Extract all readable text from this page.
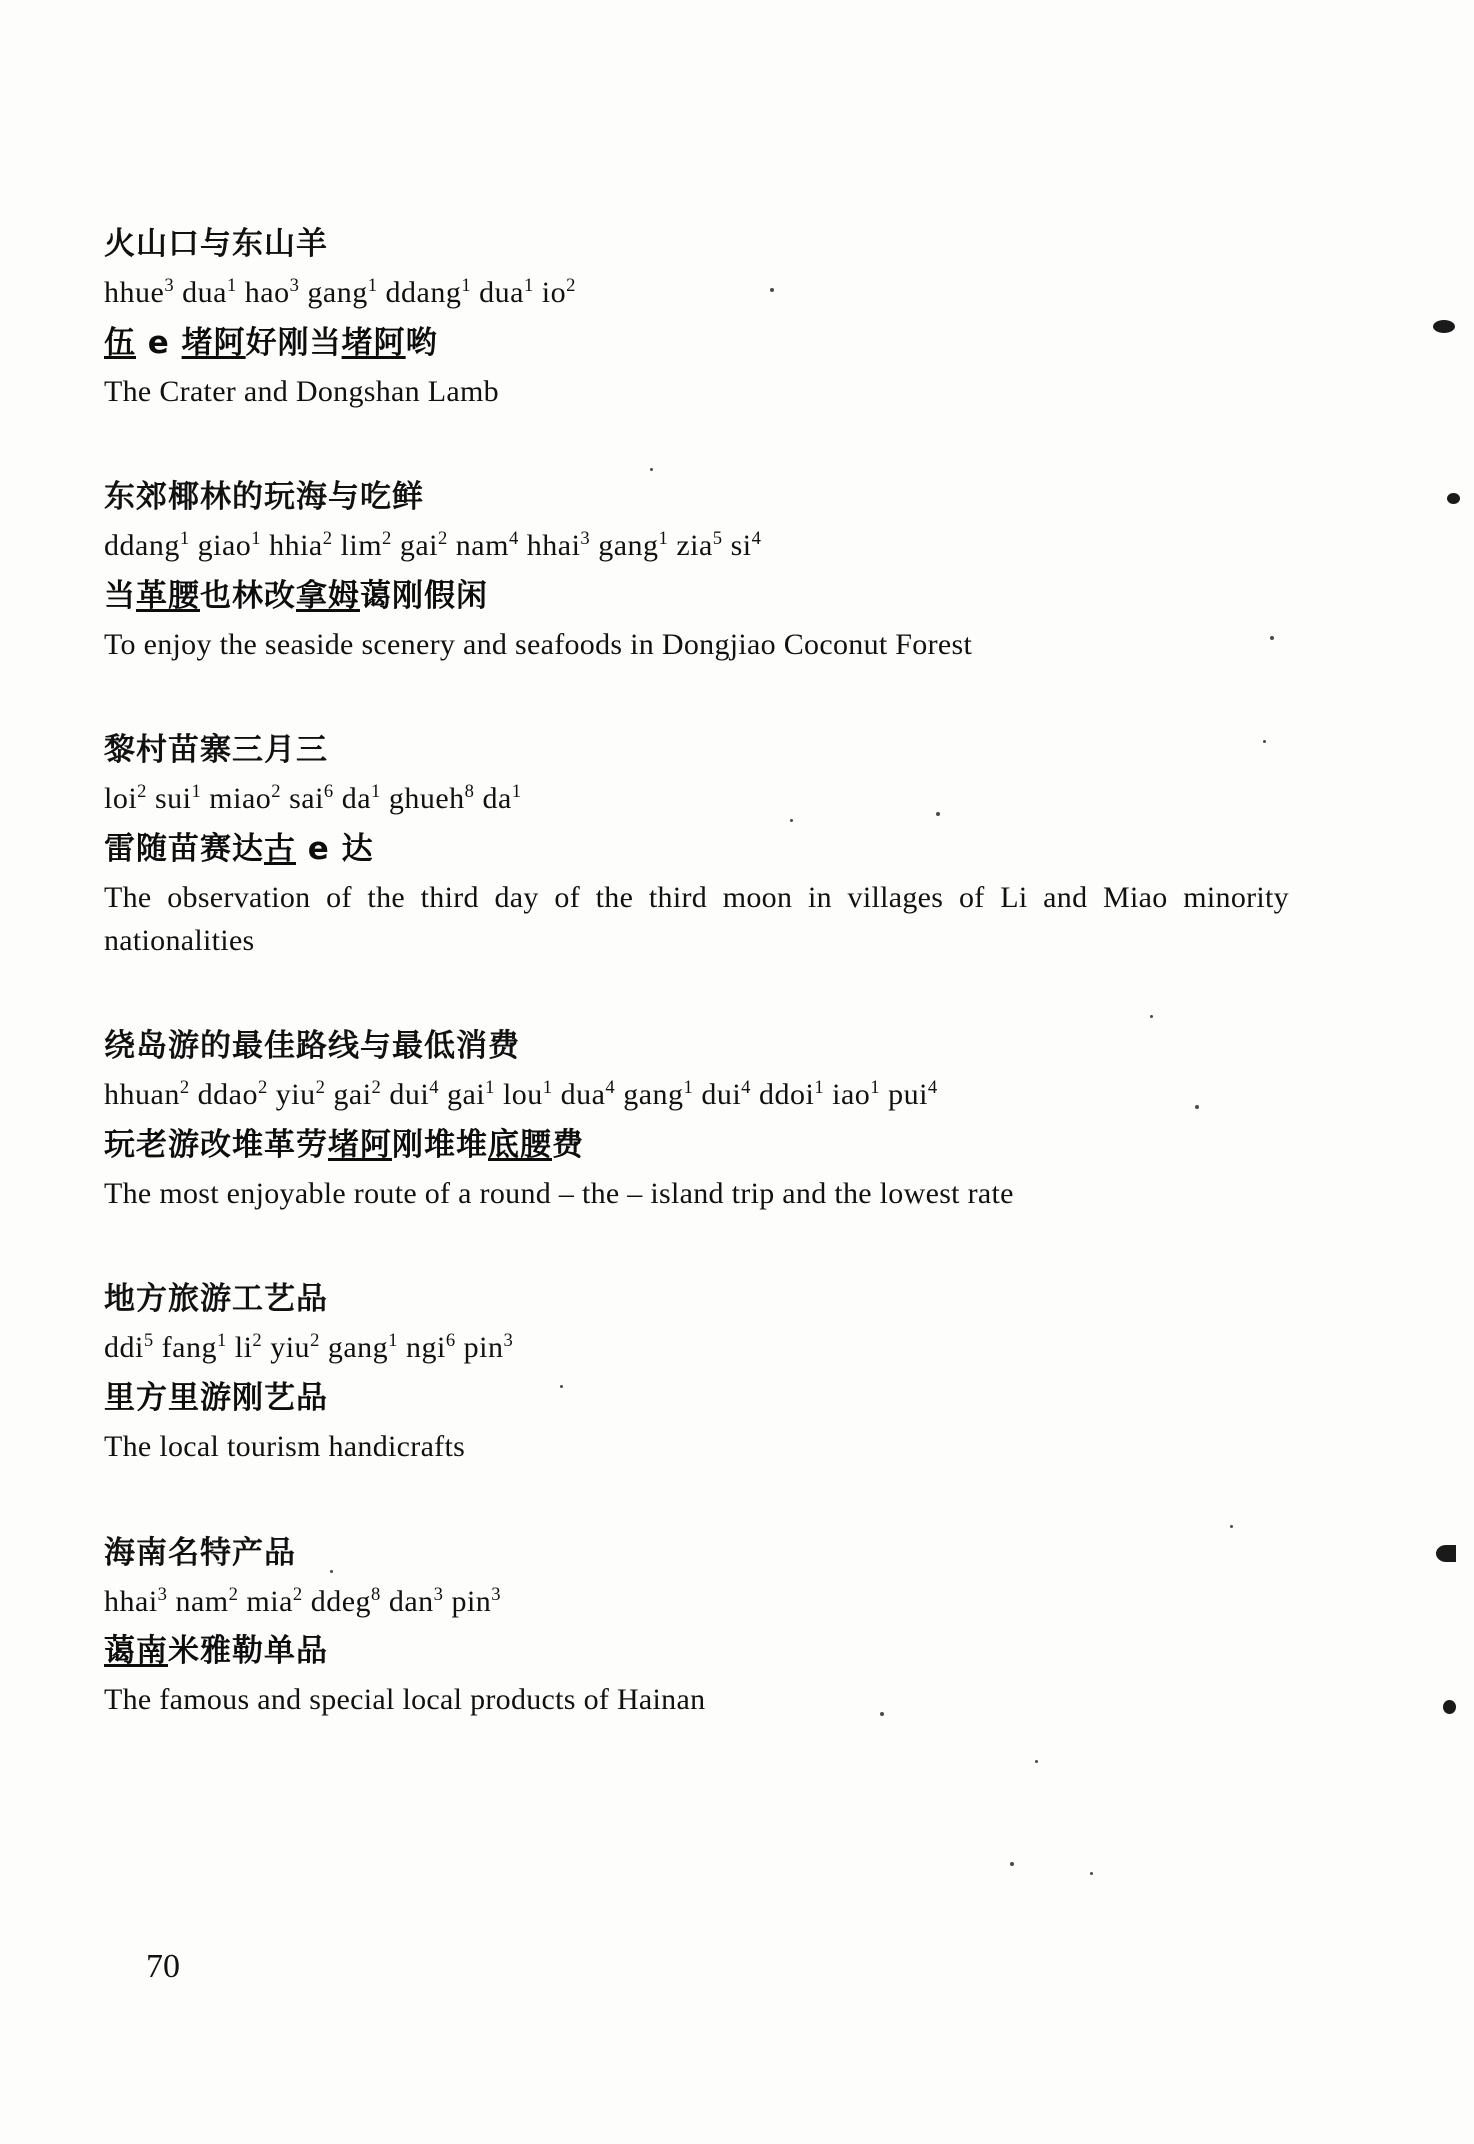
火山口与东山羊
hhue$^3$ dua$^1$ hao$^3$ gang$^1$ ddang$^1$ dua$^1$ $io^2$
伍 e 堵阿好刚当堵阿哟
The Crater and Dongshan Lamb
东郊椰林的玩海与吃鲜
ddang$^1$ giao$^1$ hhia$^2$ $\lim^2 gai^2$ nam$^4$ hhai$^3$ gang$^1$ zia$^5$ $si^4$
当革腰也林改拿姆蔼刚假闲
To enjoy the seaside scenery and seafoods in Dongjiao Coconut Forest
黎村苗寨三月三
loi$^2$ sui$^1$ miao$^2$ sai$^6$ $da^1$ ghueh$^8$ $da^1$
雷随苗赛达古 e 达
The observation of the third day of the third moon in villages of Li and Miao minority nationalities
绕岛游的最佳路线与最低消费
hhuan$^2$ ddao$^2$ yiu$^2$ gai$^2$ dui$^4$ gai$^1$ lou$^1$ dua$^4$ gang$^1$ dui$^4$ ddoi$^1$ iao$^1$ pui$^4$
玩老游改堆革劳堵阿刚堆堆底腰费
The most enjoyable route of a round – the – island trip and the lowest rate
地方旅游工艺品
ddi$^5$ fang$^1$ $li^2$ yiu$^2$ gang$^1$ ngi$^6$ pin$^3$
里方里游刚艺品
The local tourism handicrafts
海南名特产品
hhai$^3$ nam$^2$ mia$^2$ ddeg$^8$ dan$^3$ pin$^3$
蔼南米雅勒单品
The famous and special local products of Hainan
70
